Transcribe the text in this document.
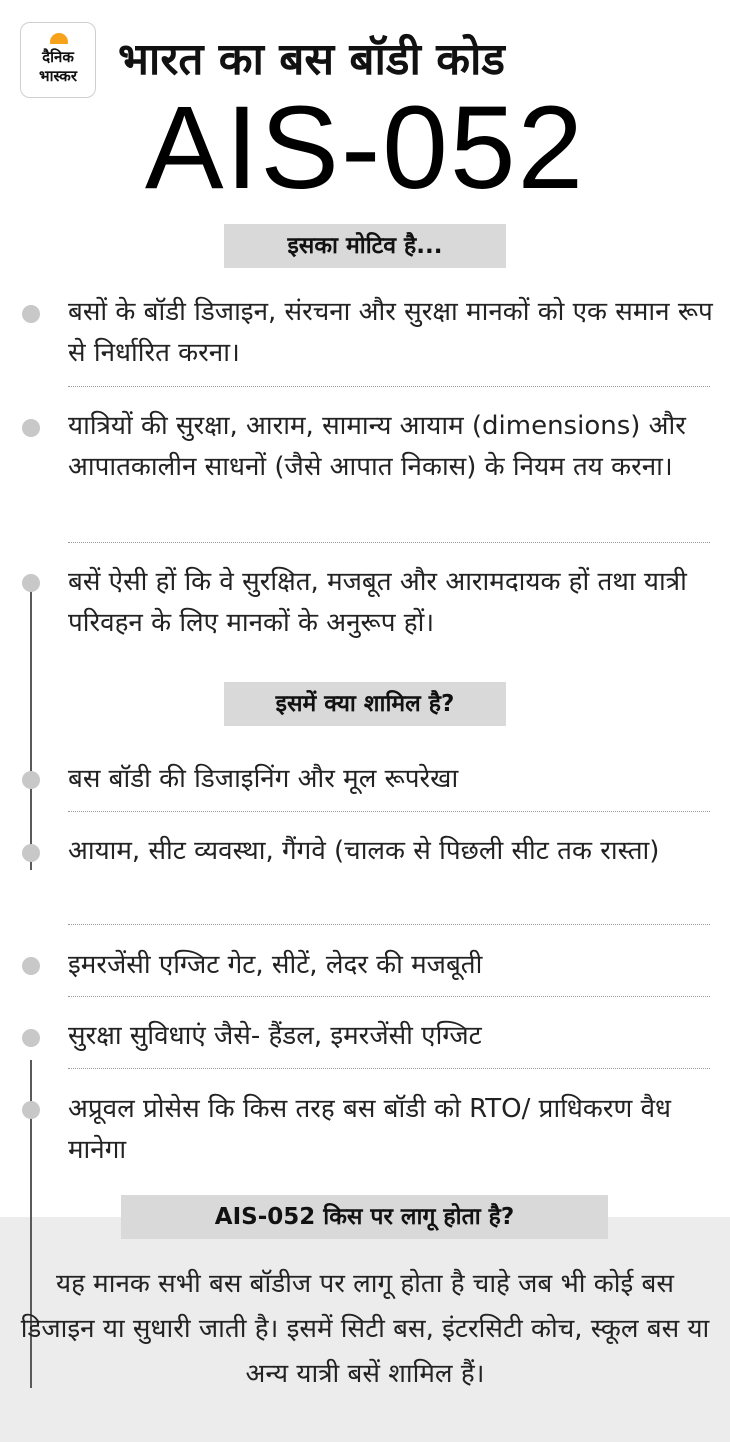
दैनिक
भास्कर भारत का बस बॉडी कोड
AIS-052
इसका मोटिव है...

बसों के बॉडी डिजाइन, संरचना और सुरक्षा मानकों को एक समान रूप से निर्धारित करना।

यात्रियों की सुरक्षा, आराम, सामान्य आयाम (dimensions) और आपातकालीन साधनों (जैसे आपात निकास) के नियम तय करना।

बसें ऐसी हों कि वे सुरक्षित, मजबूत और आरामदायक हों तथा यात्री परिवहन के लिए मानकों के अनुरूप हों।

इसमें क्या शामिल है?

बस बॉडी की डिजाइनिंग और मूल रूपरेखा

आयाम, सीट व्यवस्था, गैंगवे (चालक से पिछली सीट तक रास्ता)

इमरजेंसी एग्जिट गेट, सीटें, लेदर की मजबूती

सुरक्षा सुविधाएं जैसे- हैंडल, इमरजेंसी एग्जिट

अप्रूवल प्रोसेस कि किस तरह बस बॉडी को RTO/ प्राधिकरण वैध मानेगा

AIS-052 किस पर लागू होता है?

यह मानक सभी बस बॉडीज पर लागू होता है चाहे जब भी कोई बस डिजाइन या सुधारी जाती है। इसमें सिटी बस, इंटरसिटी कोच, स्कूल बस या अन्य यात्री बसें शामिल हैं।
